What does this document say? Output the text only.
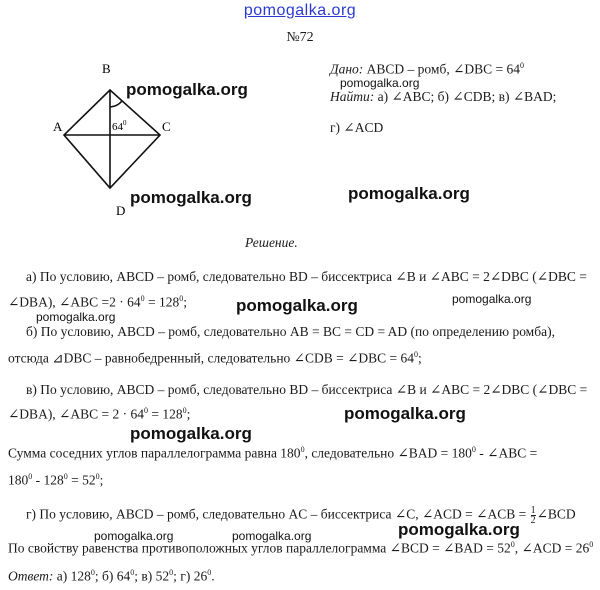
pomogalka.org
№72
B
A	C
D
$64^0$
Дано: ABCD – ромб, ∠DBC = $64^0$
Найти: а) ∠ABC; б) ∠CDB; в) ∠BAD;
г) ∠ACD
Решение.
а) По условию, ABCD – ромб, следовательно BD – биссектриса ∠B и ∠ABC = 2∠DBC (∠DBC =
∠DBA), ∠ABC $=2 \cdot 64^0 = 128^0$;
б) По условию, ABCD – ромб, следовательно AB = BC = CD = AD (по определению ромба),
отсюда ⊿DBC – равнобедренный, следовательно ∠CDB = ∠DBC = $64^0$;
в) По условию, ABCD – ромб, следовательно BD – биссектриса ∠B и ∠ABC = 2∠DBC (∠DBC =
∠DBA), ∠ABC = $2 \cdot 64^0 = 128^0$;
Сумма соседних углов параллелограмма равна $180^0$, следовательно ∠BAD = $180^0$ - ∠ABC =
$180^0 - 128^0 = 52^0$;
г) По условию, ABCD – ромб, следовательно AC – биссектриса ∠C, ∠ACD = ∠ACB = $\frac{1}{2}$ ∠BCD
По свойству равенства противоположных углов параллелограмма ∠BCD = ∠BAD = $52^0$, ∠ACD = $26^0$
Ответ: а) $128^0$; б) $64^0$; в) $52^0$; г) $26^0$.
pomogalka.org	pomogalka.org
pomogalka.org	pomogalka.org
pomogalka.org	pomogalka.org
pomogalka.org
pomogalka.org
pomogalka.org
pomogalka.org
pomogalka.org	pomogalka.org
